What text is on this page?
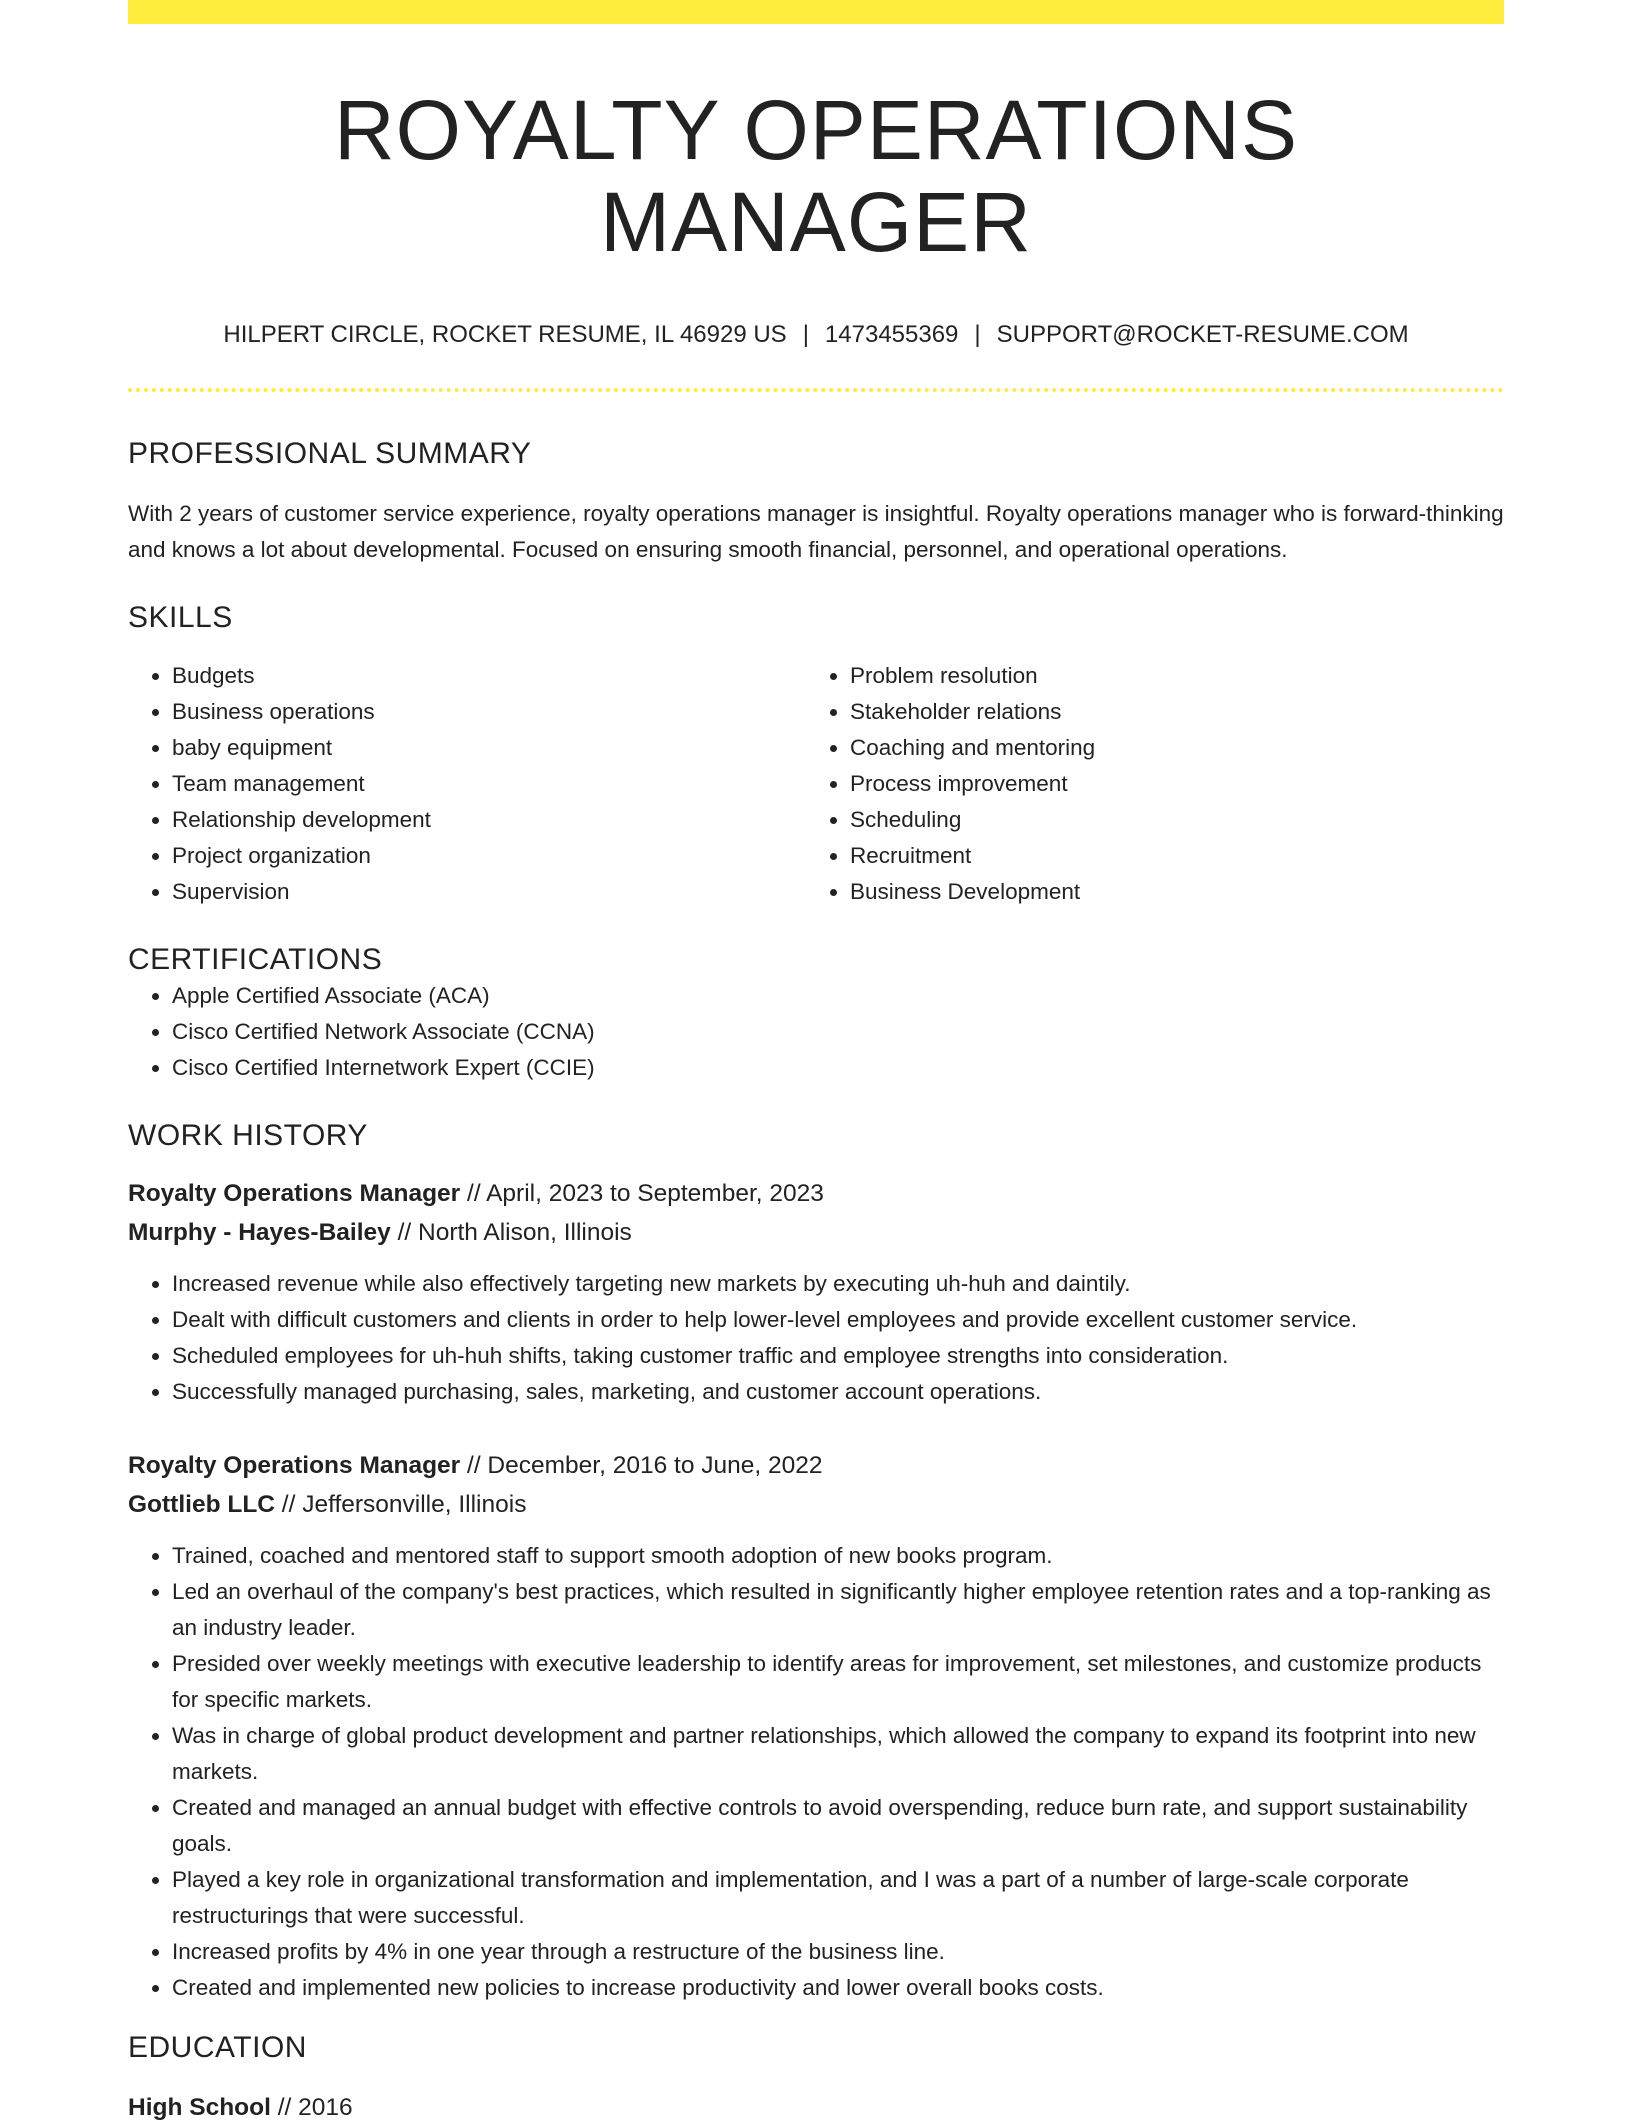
ROYALTY OPERATIONS MANAGER
HILPERT CIRCLE, ROCKET RESUME, IL 46929 US | 1473455369 | SUPPORT@ROCKET-RESUME.COM
PROFESSIONAL SUMMARY
With 2 years of customer service experience, royalty operations manager is insightful. Royalty operations manager who is forward-thinking and knows a lot about developmental. Focused on ensuring smooth financial, personnel, and operational operations.
SKILLS
• Budgets
• Business operations
• baby equipment
• Team management
• Relationship development
• Project organization
• Supervision
• Problem resolution
• Stakeholder relations
• Coaching and mentoring
• Process improvement
• Scheduling
• Recruitment
• Business Development
CERTIFICATIONS
• Apple Certified Associate (ACA)
• Cisco Certified Network Associate (CCNA)
• Cisco Certified Internetwork Expert (CCIE)
WORK HISTORY
Royalty Operations Manager // April, 2023 to September, 2023
Murphy - Hayes-Bailey // North Alison, Illinois
• Increased revenue while also effectively targeting new markets by executing uh-huh and daintily.
• Dealt with difficult customers and clients in order to help lower-level employees and provide excellent customer service.
• Scheduled employees for uh-huh shifts, taking customer traffic and employee strengths into consideration.
• Successfully managed purchasing, sales, marketing, and customer account operations.
Royalty Operations Manager // December, 2016 to June, 2022
Gottlieb LLC // Jeffersonville, Illinois
• Trained, coached and mentored staff to support smooth adoption of new books program.
• Led an overhaul of the company's best practices, which resulted in significantly higher employee retention rates and a top-ranking as an industry leader.
• Presided over weekly meetings with executive leadership to identify areas for improvement, set milestones, and customize products for specific markets.
• Was in charge of global product development and partner relationships, which allowed the company to expand its footprint into new markets.
• Created and managed an annual budget with effective controls to avoid overspending, reduce burn rate, and support sustainability goals.
• Played a key role in organizational transformation and implementation, and I was a part of a number of large-scale corporate restructurings that were successful.
• Increased profits by 4% in one year through a restructure of the business line.
• Created and implemented new policies to increase productivity and lower overall books costs.
EDUCATION
High School // 2016
